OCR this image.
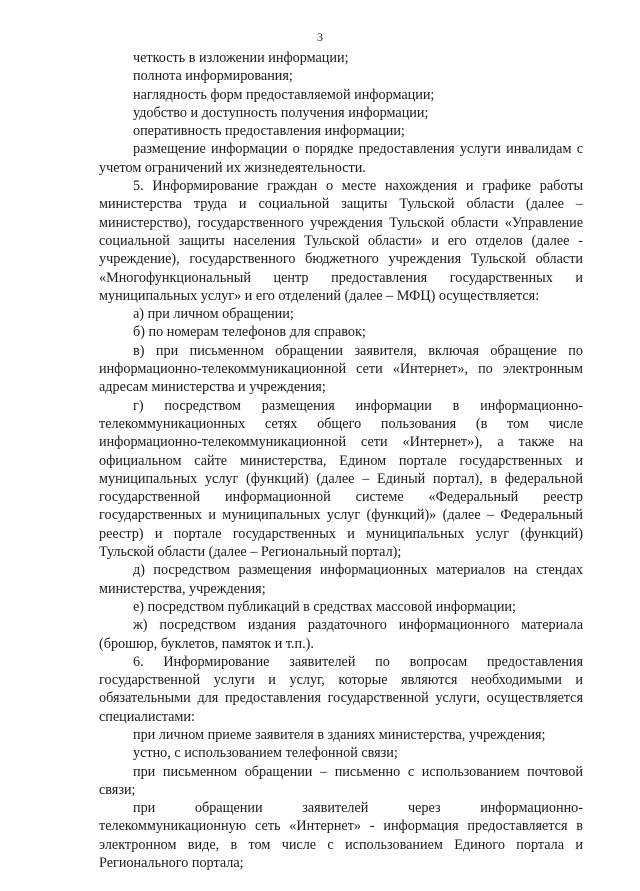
3

четкость в изложении информации;

полнота информирования;

наглядность форм предоставляемой информации;

удобство и доступность получения информации;

оперативность предоставления информации;

размещение информации о порядке предоставления услуги инвалидам с учетом ограничений их жизнедеятельности.

5. Информирование граждан о месте нахождения и графике работы министерства труда и социальной защиты Тульской области (далее – министерство), государственного учреждения Тульской области «Управление социальной защиты населения Тульской области» и его отделов (далее - учреждение), государственного бюджетного учреждения Тульской области «Многофункциональный центр предоставления государственных и муниципальных услуг» и его отделений (далее – МФЦ) осуществляется:

а) при личном обращении;

б) по номерам телефонов для справок;

в) при письменном обращении заявителя, включая обращение по информационно-телекоммуникационной сети «Интернет», по электронным адресам министерства и учреждения;

г) посредством размещения информации в информационно-телекоммуникационных сетях общего пользования (в том числе информационно-телекоммуникационной сети «Интернет»), а также на официальном сайте министерства, Едином портале государственных и муниципальных услуг (функций) (далее – Единый портал), в федеральной государственной информационной системе «Федеральный реестр государственных и муниципальных услуг (функций)» (далее – Федеральный реестр) и портале государственных и муниципальных услуг (функций) Тульской области (далее – Региональный портал);

д) посредством размещения информационных материалов на стендах министерства, учреждения;

е) посредством публикаций в средствах массовой информации;

ж) посредством издания раздаточного информационного материала (брошюр, буклетов, памяток и т.п.).

6. Информирование заявителей по вопросам предоставления государственной услуги и услуг, которые являются необходимыми и обязательными для предоставления государственной услуги, осуществляется специалистами:

при личном приеме заявителя в зданиях министерства, учреждения;

устно, с использованием телефонной связи;

при письменном обращении – письменно с использованием почтовой связи;

при обращении заявителей через информационно-телекоммуникационную сеть «Интернет» - информация предоставляется в электронном виде, в том числе с использованием Единого портала и Регионального портала;
